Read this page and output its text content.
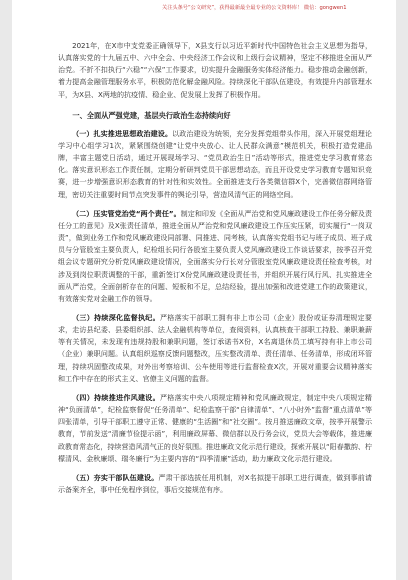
关注头条号“公文研究”，获得最新最全最专业的公文资料库！ 微信：gongwen1

2021年，在X市中支党委正确领导下，X县支行以习近平新时代中国特色社会主义思想为指导，认真落实党的十九届五中、六中全会、中央经济工作会议和上级行会议精神，坚定不移推进全面从严治党。不折不扣执行“六稳”“六保”工作要求，切实提升金融服务实体经济能力。稳步推动金融创新，着力提高金融管理服务水平，积极防范化解金融风险。持续深化干部队伍建设，有效提升内部管理水平，为X县、X两地的抗疫情、稳企业、促发展上发挥了积极作用。

一、全面从严强党建，基层央行政治生态持续向好

（一）扎实推进思想政治建设。以政治建设为统领，充分发挥党组带头作用，深入开展党组理论学习中心组学习1次，紧紧围绕创建“让党中央放心、让人民群众满意”模范机关，积极打造党建品牌，丰富主题党日活动，通过开展现场学习、“党员政治生日”活动等形式，推进党史学习教育常态化。落实意识形态工作责任制，定期分析研判党员干部思想动态，而且开设党史学习教育专题知识竞赛，进一步增强意识形态教育的针对性和实效性。全面推进支行各类微信群X个，完善微信群网络管理，密切关注重要时间节点突发事件的舆论引导，营造风清气正的网络空间。

（二）压实管党治党“两个责任”。制定和印发《全面从严治党和党风廉政建设工作任务分解及责任分工的意见》及X张责任清单，推进全面从严治党和党风廉政建设工作压实压紧，切实履行“一岗双责”，做到业务工作和党风廉政建设同部署、同推进、同考核，认真落实党组书记与班子成员、班子成员与分管股室主要负责人，纪检组长同行各股室主要负责人党风廉政建设工作谈话要求，按季召开党组会议专题研究分析党风廉政建设情况，全面落实分行长对分管股室党风廉政建设责任检查考核，对涉及到岗位职责调整的干部，重新签订X份党风廉政建设责任书，并组织开展行风行风、扎实推进全面从严治党，全面剖析存在的问题、短板和不足，总结经验，提出加强和改进党建工作的政策建议，有效落实党对金融工作的领导。

（三）持续深化监督执纪。严格落实干部职工拥有非上市公司（企业）股份或证券清理规定要求，走访县纪委、县委组织部、法人金融机构等单位，查阅资料，认真核查干部职工持股、兼职兼薪等有关情况，未发现有违规持股和兼职问题，签订承诺书X份，X名离退休员工填写持有非上市公司（企业）兼职问题。认真组织巡察反馈问题整改，压实整改清单、责任清单、任务清单，形成闭环管理，持续巩固整改成果，对外出考察培训、公车使用等进行监督检查X次，开展对重要会议精神落实和工作中存在的形式主义、官僚主义问题的监督。

（四）持续推进作风建设。严格落实中央八项规定精神和党风廉政规定，制定中央八项规定精神“负面清单”，纪检监察督促“任务清单”、纪检监察干部“自律清单”、“八小时外”监督“重点清单”等四张清单，引导干部职工遵守正常、健康的“生活圈”和“社交圈”。按月推送廉政文章，按季开展警示教育，节前发送“清廉节俭提示函”，利用廉政屏幕、微信群以及行务会议，党员大会等载体，推进廉政教育常态化，持续营造风清气正的良好氛围。推进廉政文化示范行建设，探索开展以“阳春撒韵、柠檬清风、金秋廉颂、瑞冬廉行”为主要内容的“四季清廉”活动，助力廉政文化示范行建设。

（五）夯实干部队伍建设。严肃干部选拔任用机制，对X名拟提干部职工进行调查，做到事前请示备案齐全，事中任免程序到位，事后交接规范有序。
